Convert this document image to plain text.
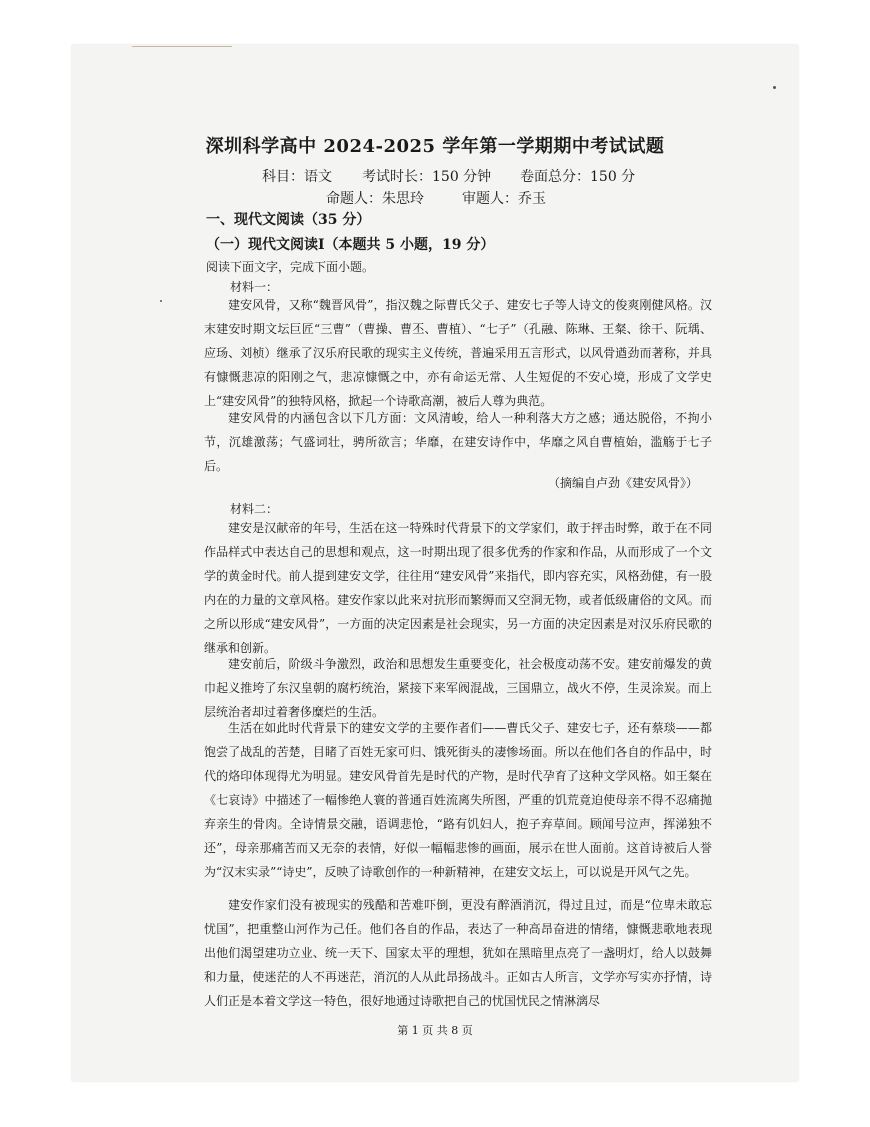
深圳科学高中 2024-2025 学年第一学期期中考试试题
科目：语文 考试时长：150 分钟 卷面总分：150 分
命题人：朱思玲	审题人：乔玉
一、现代文阅读（35 分）
（一）现代文阅读Ⅰ（本题共 5 小题，19 分）
阅读下面文字，完成下面小题。
材料一：

建安风骨，又称“魏晋风骨”，指汉魏之际曹氏父子、建安七子等人诗文的俊爽刚健风格。汉末建安时期文坛巨匠“三曹”（曹操、曹丕、曹植）、“七子”（孔融、陈琳、王粲、徐干、阮瑀、应玚、刘桢）继承了汉乐府民歌的现实主义传统，普遍采用五言形式，以风骨遒劲而著称，并具有慷慨悲凉的阳刚之气，悲凉慷慨之中，亦有命运无常、人生短促的不安心境，形成了文学史上“建安风骨”的独特风格，掀起一个诗歌高潮，被后人尊为典范。

建安风骨的内涵包含以下几方面：文风清峻，给人一种利落大方之感；通达脱俗，不拘小节，沉雄激荡；气盛词壮，骋所欲言；华靡，在建安诗作中，华靡之风自曹植始，滥觞于七子后。

（摘编自卢劲《建安风骨》）
材料二：

建安是汉献帝的年号，生活在这一特殊时代背景下的文学家们，敢于抨击时弊，敢于在不同作品样式中表达自己的思想和观点，这一时期出现了很多优秀的作家和作品，从而形成了一个文学的黄金时代。前人提到建安文学，往往用“建安风骨”来指代，即内容充实，风格劲健，有一股内在的力量的文章风格。建安作家以此来对抗形而繁缛而又空洞无物，或者低级庸俗的文风。而之所以形成“建安风骨”，一方面的决定因素是社会现实，另一方面的决定因素是对汉乐府民歌的继承和创新。

建安前后，阶级斗争激烈，政治和思想发生重要变化，社会极度动荡不安。建安前爆发的黄巾起义推垮了东汉皇朝的腐朽统治，紧接下来军阀混战，三国鼎立，战火不停，生灵涂炭。而上层统治者却过着奢侈糜烂的生活。

生活在如此时代背景下的建安文学的主要作者们——曹氏父子、建安七子，还有蔡琰——都饱尝了战乱的苦楚，目睹了百姓无家可归、饿死街头的凄惨场面。所以在他们各自的作品中，时代的烙印体现得尤为明显。建安风骨首先是时代的产物，是时代孕育了这种文学风格。如王粲在《七哀诗》中描述了一幅惨绝人寰的普通百姓流离失所图，严重的饥荒竟迫使母亲不得不忍痛抛弃亲生的骨肉。全诗情景交融，语调悲怆，“路有饥妇人，抱子弃草间。顾闻号泣声，挥涕独不还”，母亲那痛苦而又无奈的表情，好似一幅幅悲惨的画面，展示在世人面前。这首诗被后人誉为“汉末实录”“诗史”，反映了诗歌创作的一种新精神，在建安文坛上，可以说是开风气之先。

建安作家们没有被现实的残酷和苦难吓倒，更没有醉酒消沉，得过且过，而是“位卑未敢忘忧国”，把重整山河作为己任。他们各自的作品，表达了一种高昂奋进的情绪，慷慨悲歌地表现出他们渴望建功立业、统一天下、国家太平的理想，犹如在黑暗里点亮了一盏明灯，给人以鼓舞和力量，使迷茫的人不再迷茫，消沉的人从此昂扬战斗。正如古人所言，文学亦写实亦抒情，诗人们正是本着文学这一特色，很好地通过诗歌把自己的忧国忧民之情淋漓尽

第 1 页 共 8 页
